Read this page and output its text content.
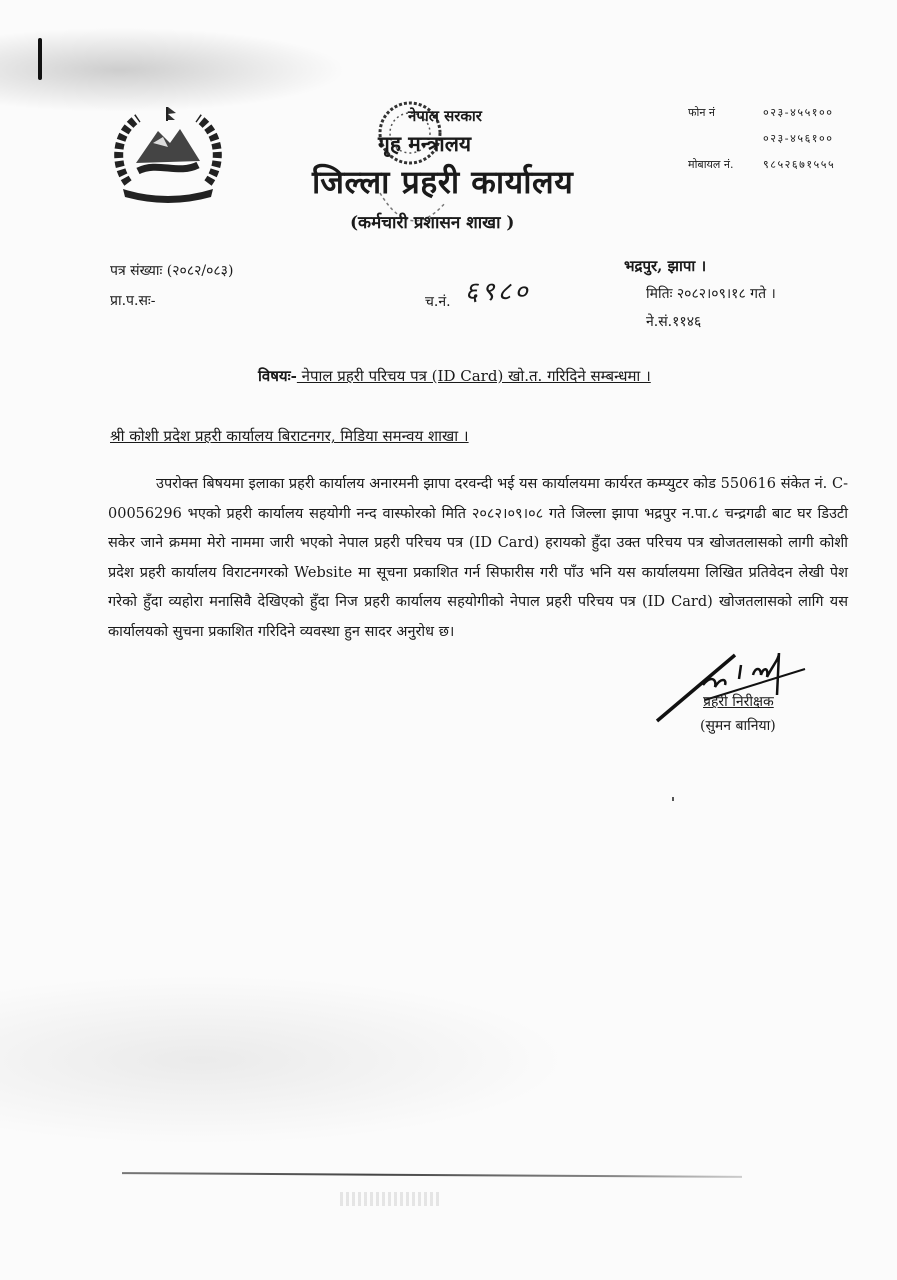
नेपाल सरकार
गृह मन्त्रालय
जिल्ला प्रहरी कार्यालय
(कर्मचारी प्रशासन शाखा )
फोन नं	०२३-४५५१००
०२३-४५६१००
मोबायल नं.	९८५२६७१५५५
पत्र संख्याः (२०८२/०८३)
प्रा.प.सः-	च.नं. ६९८०
भद्रपुर, झापा ।
मितिः २०८२।०९।१८ गते ।
ने.सं.११४६
विषयः- नेपाल प्रहरी परिचय पत्र (ID Card) खो.त. गरिदिने सम्बन्धमा ।
श्री कोशी प्रदेश प्रहरी कार्यालय बिराटनगर, मिडिया समन्वय शाखा ।
उपरोक्त बिषयमा इलाका प्रहरी कार्यालय अनारमनी झापा दरवन्दी भई यस कार्यालयमा कार्यरत कम्प्युटर कोड 550616 संकेत नं. C-00056296 भएको प्रहरी कार्यालय सहयोगी नन्द वास्फोरको मिति २०८२।०९।०८ गते जिल्ला झापा भद्रपुर न.पा.८ चन्द्रगढी बाट घर डिउटी सकेर जाने क्रममा मेरो नाममा जारी भएको नेपाल प्रहरी परिचय पत्र (ID Card) हरायको हुँदा उक्त परिचय पत्र खोजतलासको लागी कोशी प्रदेश प्रहरी कार्यालय विराटनगरको Website मा सूचना प्रकाशित गर्न सिफारीस गरी पाँउ भनि यस कार्यालयमा लिखित प्रतिवेदन लेखी पेश गरेको हुँदा व्यहोरा मनासिवै देखिएको हुँदा निज प्रहरी कार्यालय सहयोगीको नेपाल प्रहरी परिचय पत्र (ID Card) खोजतलासको लागि यस कार्यालयको सुचना प्रकाशित गरिदिने व्यवस्था हुन सादर अनुरोध छ।
प्रहरी निरीक्षक
(सुमन बानिया)
